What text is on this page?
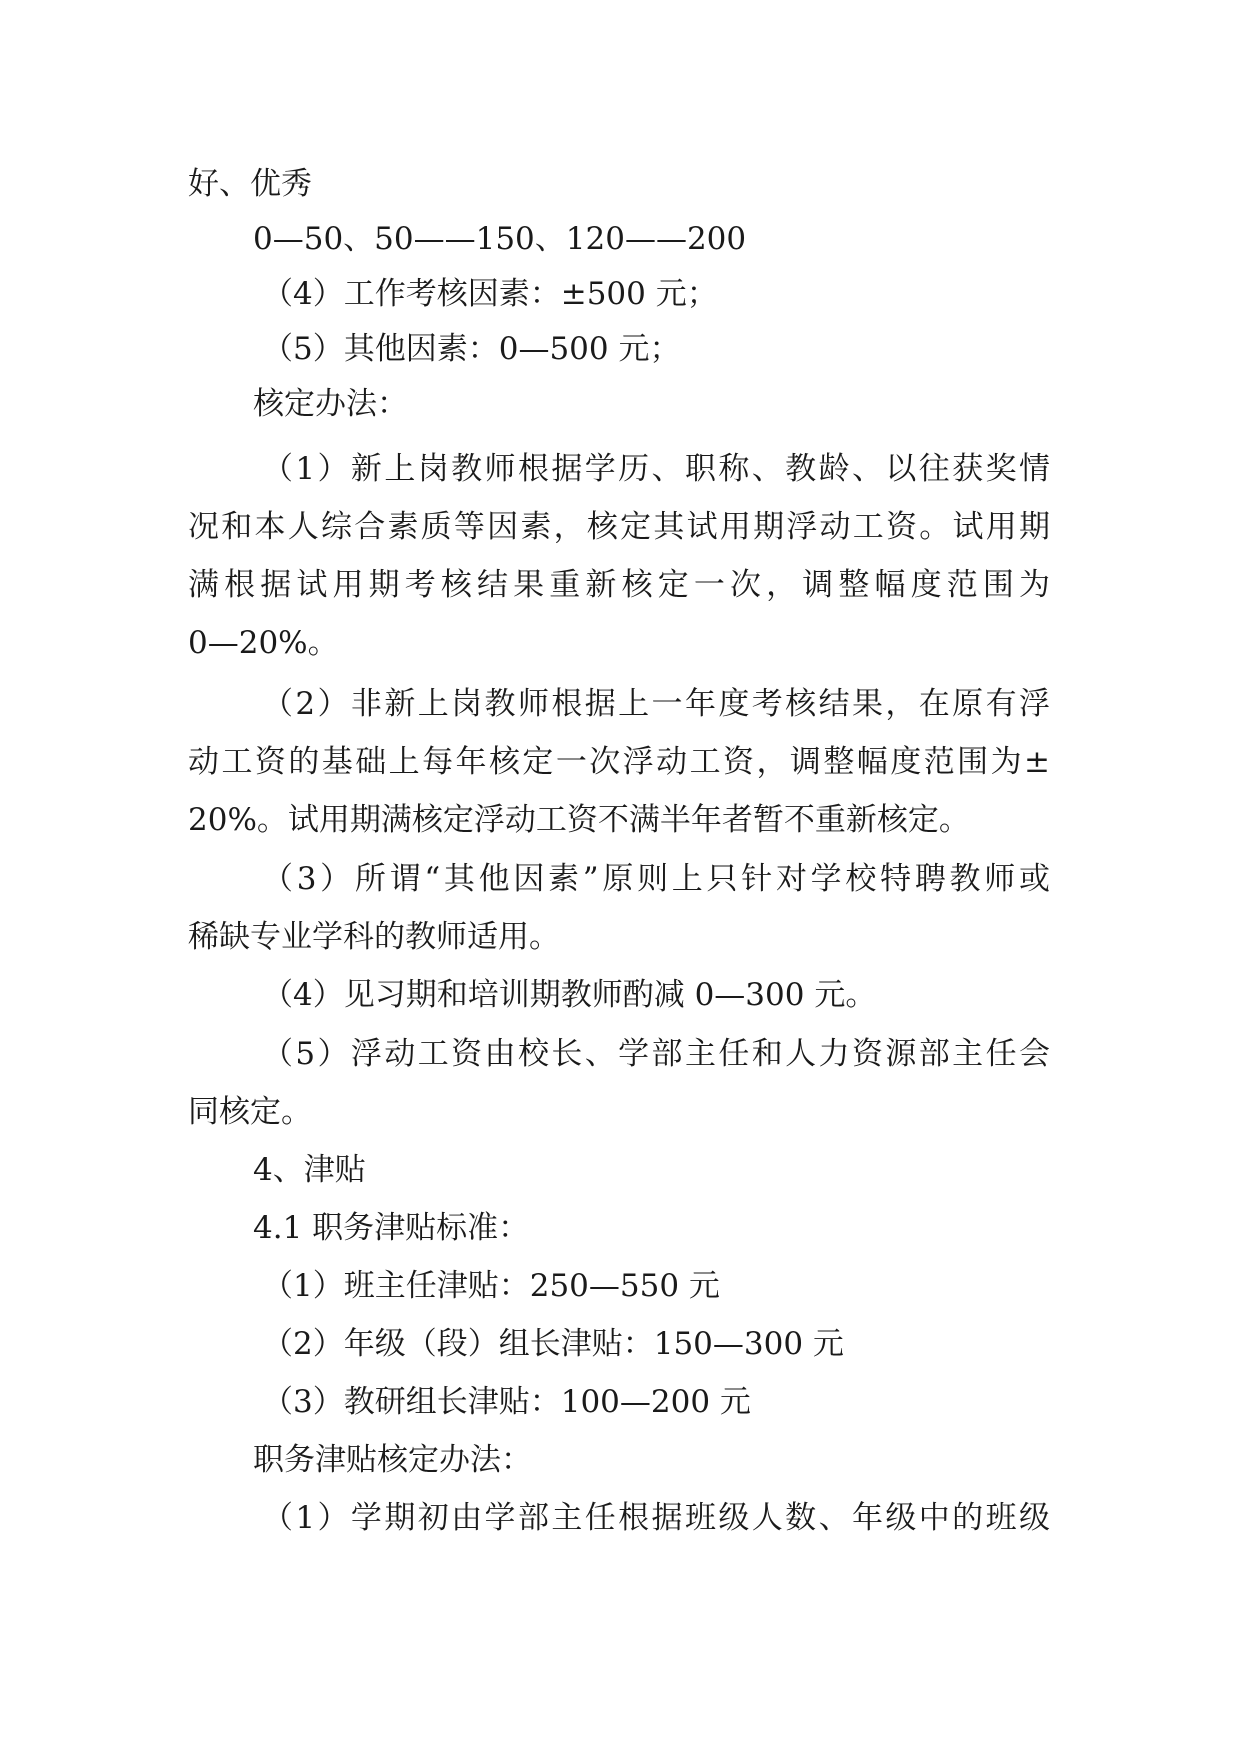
好、优秀
0—50、50——150、120——200
（4）工作考核因素：±500 元；
（5）其他因素：0—500 元；
核定办法：
（1）新上岗教师根据学历、职称、教龄、以往获奖情
况和本人综合素质等因素，核定其试用期浮动工资。试用期
满根据试用期考核结果重新核定一次，调整幅度范围为
0—20%。
（2）非新上岗教师根据上一年度考核结果，在原有浮
动工资的基础上每年核定一次浮动工资，调整幅度范围为±
20%。试用期满核定浮动工资不满半年者暂不重新核定。
（3）所谓“其他因素”原则上只针对学校特聘教师或
稀缺专业学科的教师适用。
（4）见习期和培训期教师酌减 0—300 元。
（5）浮动工资由校长、学部主任和人力资源部主任会
同核定。
4、津贴
4.1 职务津贴标准：
（1）班主任津贴：250—550 元
（2）年级（段）组长津贴：150—300 元
（3）教研组长津贴：100—200 元
职务津贴核定办法：
（1）学期初由学部主任根据班级人数、年级中的班级
